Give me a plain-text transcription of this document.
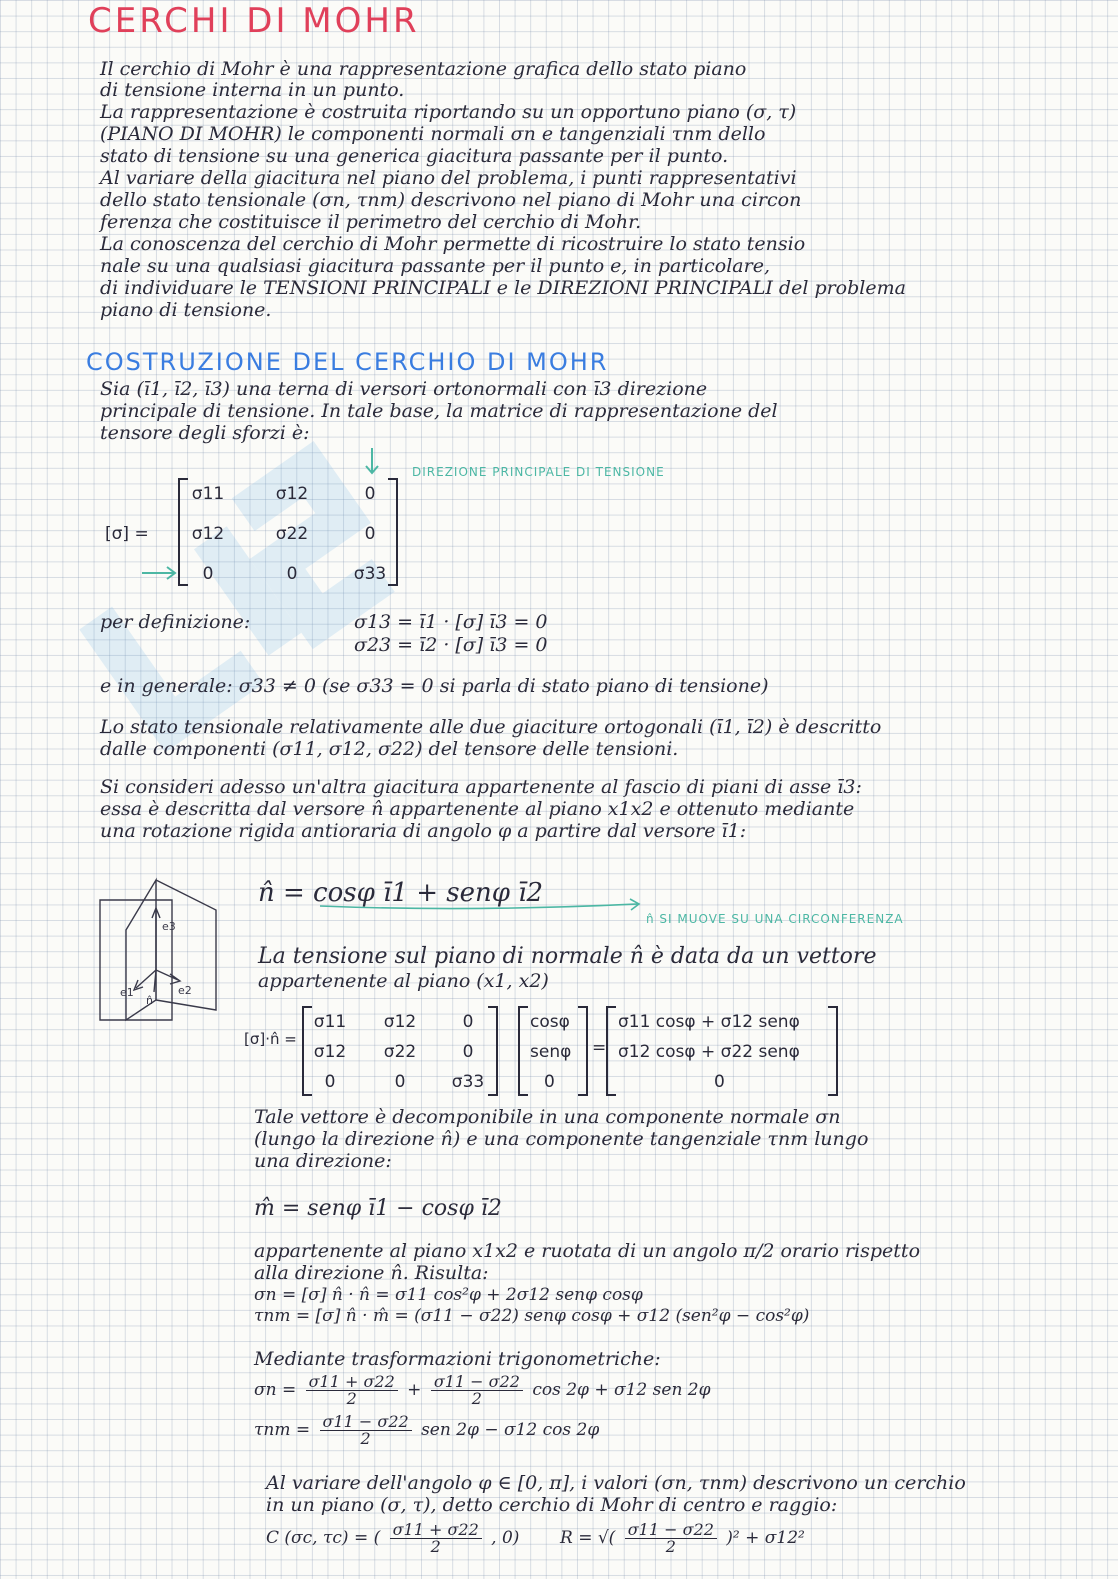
CERCHI DI MOHR
Il cerchio di Mohr è una rappresentazione grafica dello stato piano
di tensione interna in un punto.
La rappresentazione è costruita riportando su un opportuno piano (σ, τ)
(PIANO DI MOHR) le componenti normali σn e tangenziali τnm dello
stato di tensione su una generica giacitura passante per il punto.
Al variare della giacitura nel piano del problema, i punti rappresentativi
dello stato tensionale (σn, τnm) descrivono nel piano di Mohr una circon
ferenza che costituisce il perimetro del cerchio di Mohr.
La conoscenza del cerchio di Mohr permette di ricostruire lo stato tensio
nale su una qualsiasi giacitura passante per il punto e, in particolare,
di individuare le TENSIONI PRINCIPALI e le DIREZIONI PRINCIPALI del problema
piano di tensione.
COSTRUZIONE DEL CERCHIO DI MOHR
Sia (ī1, ī2, ī3) una terna di versori ortonormali con ī3 direzione
principale di tensione. In tale base, la matrice di rappresentazione del
tensore degli sforzi è:
DIREZIONE PRINCIPALE DI TENSIONE
[σ] =
σ11	σ12	0
σ12	σ22	0
0	0	σ33
per definizione:	σ13 = ī1 · [σ] ī3 = 0
σ23 = ī2 · [σ] ī3 = 0
e in generale: σ33 ≠ 0 (se σ33 = 0 si parla di stato piano di tensione)
Lo stato tensionale relativamente alle due giaciture ortogonali (ī1, ī2) è descritto
dalle componenti (σ11, σ12, σ22) del tensore delle tensioni.
Si consideri adesso un'altra giacitura appartenente al fascio di piani di asse ī3:
essa è descritta dal versore n̂ appartenente al piano x1x2 e ottenuto mediante
una rotazione rigida antioraria di angolo φ a partire dal versore ī1:
e3
e1	e2
n̂
n̂ = cosφ ī1 + senφ ī2
n̂ SI MUOVE SU UNA CIRCONFERENZA
La tensione sul piano di normale n̂ è data da un vettore
appartenente al piano (x1, x2)
[σ]·n̂ =
σ11	σ12	0
σ12	σ22	0
0	0	σ33
cosφ
senφ
0
=
σ11 cosφ + σ12 senφ
σ12 cosφ + σ22 senφ
0
Tale vettore è decomponibile in una componente normale σn
(lungo la direzione n̂) e una componente tangenziale τnm lungo
una direzione:
m̂ = senφ ī1 − cosφ ī2
appartenente al piano x1x2 e ruotata di un angolo π/2 orario rispetto
alla direzione n̂. Risulta:
σn = [σ] n̂ · n̂ = σ11 cos²φ + 2σ12 senφ cosφ
τnm = [σ] n̂ · m̂ = (σ11 − σ22) senφ cosφ + σ12 (sen²φ − cos²φ)
Mediante trasformazioni trigonometriche:
$\sigma n = \frac{\sigma 11 + \sigma 22}{2} + \frac{\sigma 11 - \sigma 22}{2}$ cos 2φ + σ12 sen 2φ
$\tau nm = \frac{\sigma 11 - \sigma 22}{2}$ sen 2φ − σ12 cos 2φ
Al variare dell'angolo φ ∈ [0, π], i valori (σn, τnm) descrivono un cerchio
in un piano (σ, τ), detto cerchio di Mohr di centro e raggio:
C (σc, τc) = ( $\frac{\sigma 11 + \sigma 22}{2}$ , 0) R = √( $\frac{\sigma 11 - \sigma 22}{2} )^2 + \sigma 12^2$
